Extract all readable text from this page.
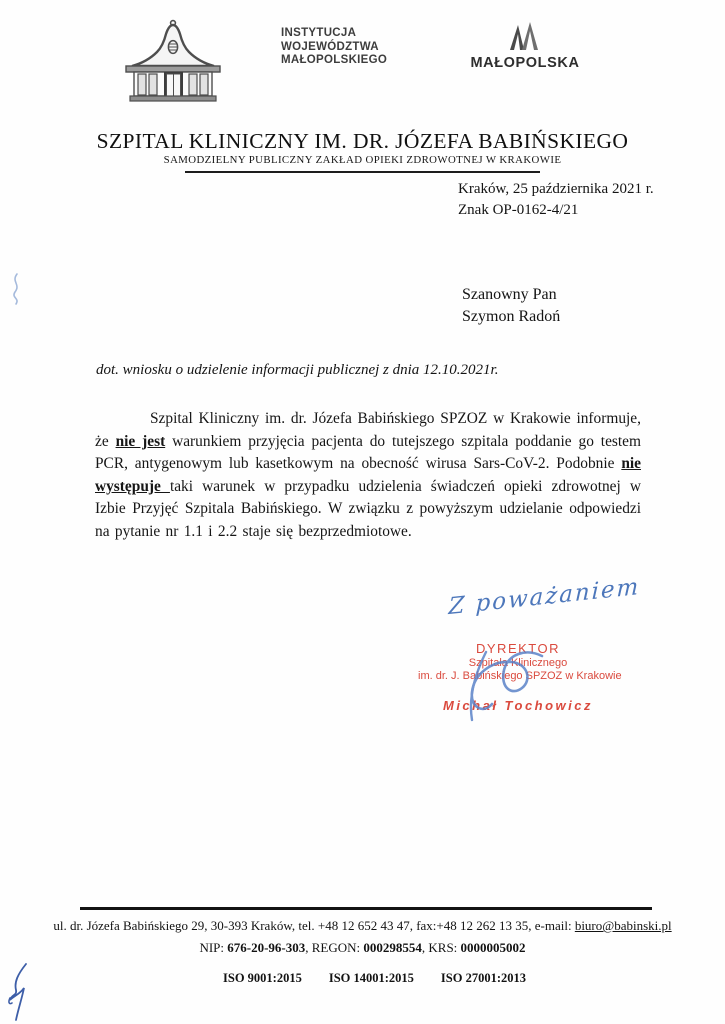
INSTYTUCJA
WOJEWÓDZTWA
MAŁOPOLSKIEGO	MAŁOPOLSKA
SZPITAL KLINICZNY IM. DR. JÓZEFA BABIŃSKIEGO
SAMODZIELNY PUBLICZNY ZAKŁAD OPIEKI ZDROWOTNEJ W KRAKOWIE
Kraków, 25 października 2021 r.
Znak OP-0162-4/21
Szanowny Pan
Szymon Radoń
dot. wniosku o udzielenie informacji publicznej z dnia 12.10.2021r.
Szpital Kliniczny im. dr. Józefa Babińskiego SPZOZ w Krakowie informuje, że nie jest warunkiem przyjęcia pacjenta do tutejszego szpitala poddanie go testem PCR, antygenowym lub kasetkowym na obecność wirusa Sars-CoV-2. Podobnie nie występuje taki warunek w przypadku udzielenia świadczeń opieki zdrowotnej w Izbie Przyjęć Szpitala Babińskiego. W związku z powyższym udzielanie odpowiedzi na pytanie nr 1.1 i 2.2 staje się bezprzedmiotowe.
Z poważaniem
DYREKTOR
Szpitala Klinicznego
im. dr. J. Babińskiego SPZOZ w Krakowie
Michał Tochowicz
ul. dr. Józefa Babińskiego 29, 30-393 Kraków, tel. +48 12 652 43 47, fax:+48 12 262 13 35, e-mail: biuro@babinski.pl
NIP: 676-20-96-303, REGON: 000298554, KRS: 0000005002
ISO 9001:2015 ISO 14001:2015 ISO 27001:2013
